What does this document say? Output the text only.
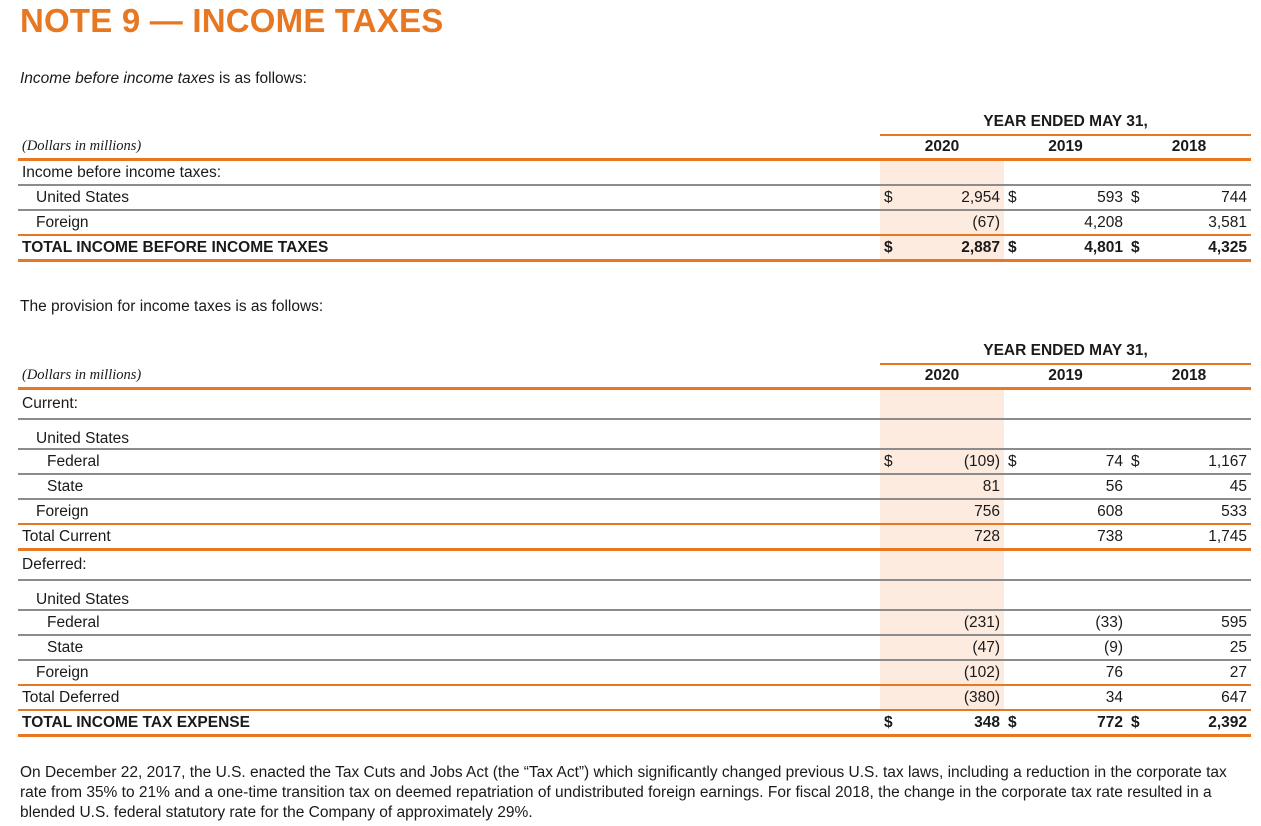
NOTE 9 — INCOME TAXES
Income before income taxes is as follows:
	YEAR ENDED MAY 31,					
(Dollars in millions)	2020		2019		2018	
Income before income taxes:						
United States	$	2,954	$	593	$	744
Foreign		(67)		4,208		3,581
TOTAL INCOME BEFORE INCOME TAXES	$	2,887	$	4,801	$	4,325
The provision for income taxes is as follows:
	YEAR ENDED MAY 31,					
(Dollars in millions)	2020		2019		2018	
Current:						
United States						
Federal	$	(109)	$	74	$	1,167
State		81		56		45
Foreign		756		608		533
Total Current		728		738		1,745
Deferred:						
United States						
Federal		(231)		(33)		595
State		(47)		(9)		25
Foreign		(102)		76		27
Total Deferred		(380)		34		647
TOTAL INCOME TAX EXPENSE	$	348	$	772	$	2,392
On December 22, 2017, the U.S. enacted the Tax Cuts and Jobs Act (the “Tax Act”) which significantly changed previous U.S. tax laws, including a reduction in the corporate tax rate from 35% to 21% and a one-time transition tax on deemed repatriation of undistributed foreign earnings. For fiscal 2018, the change in the corporate tax rate resulted in a blended U.S. federal statutory rate for the Company of approximately 29%.
